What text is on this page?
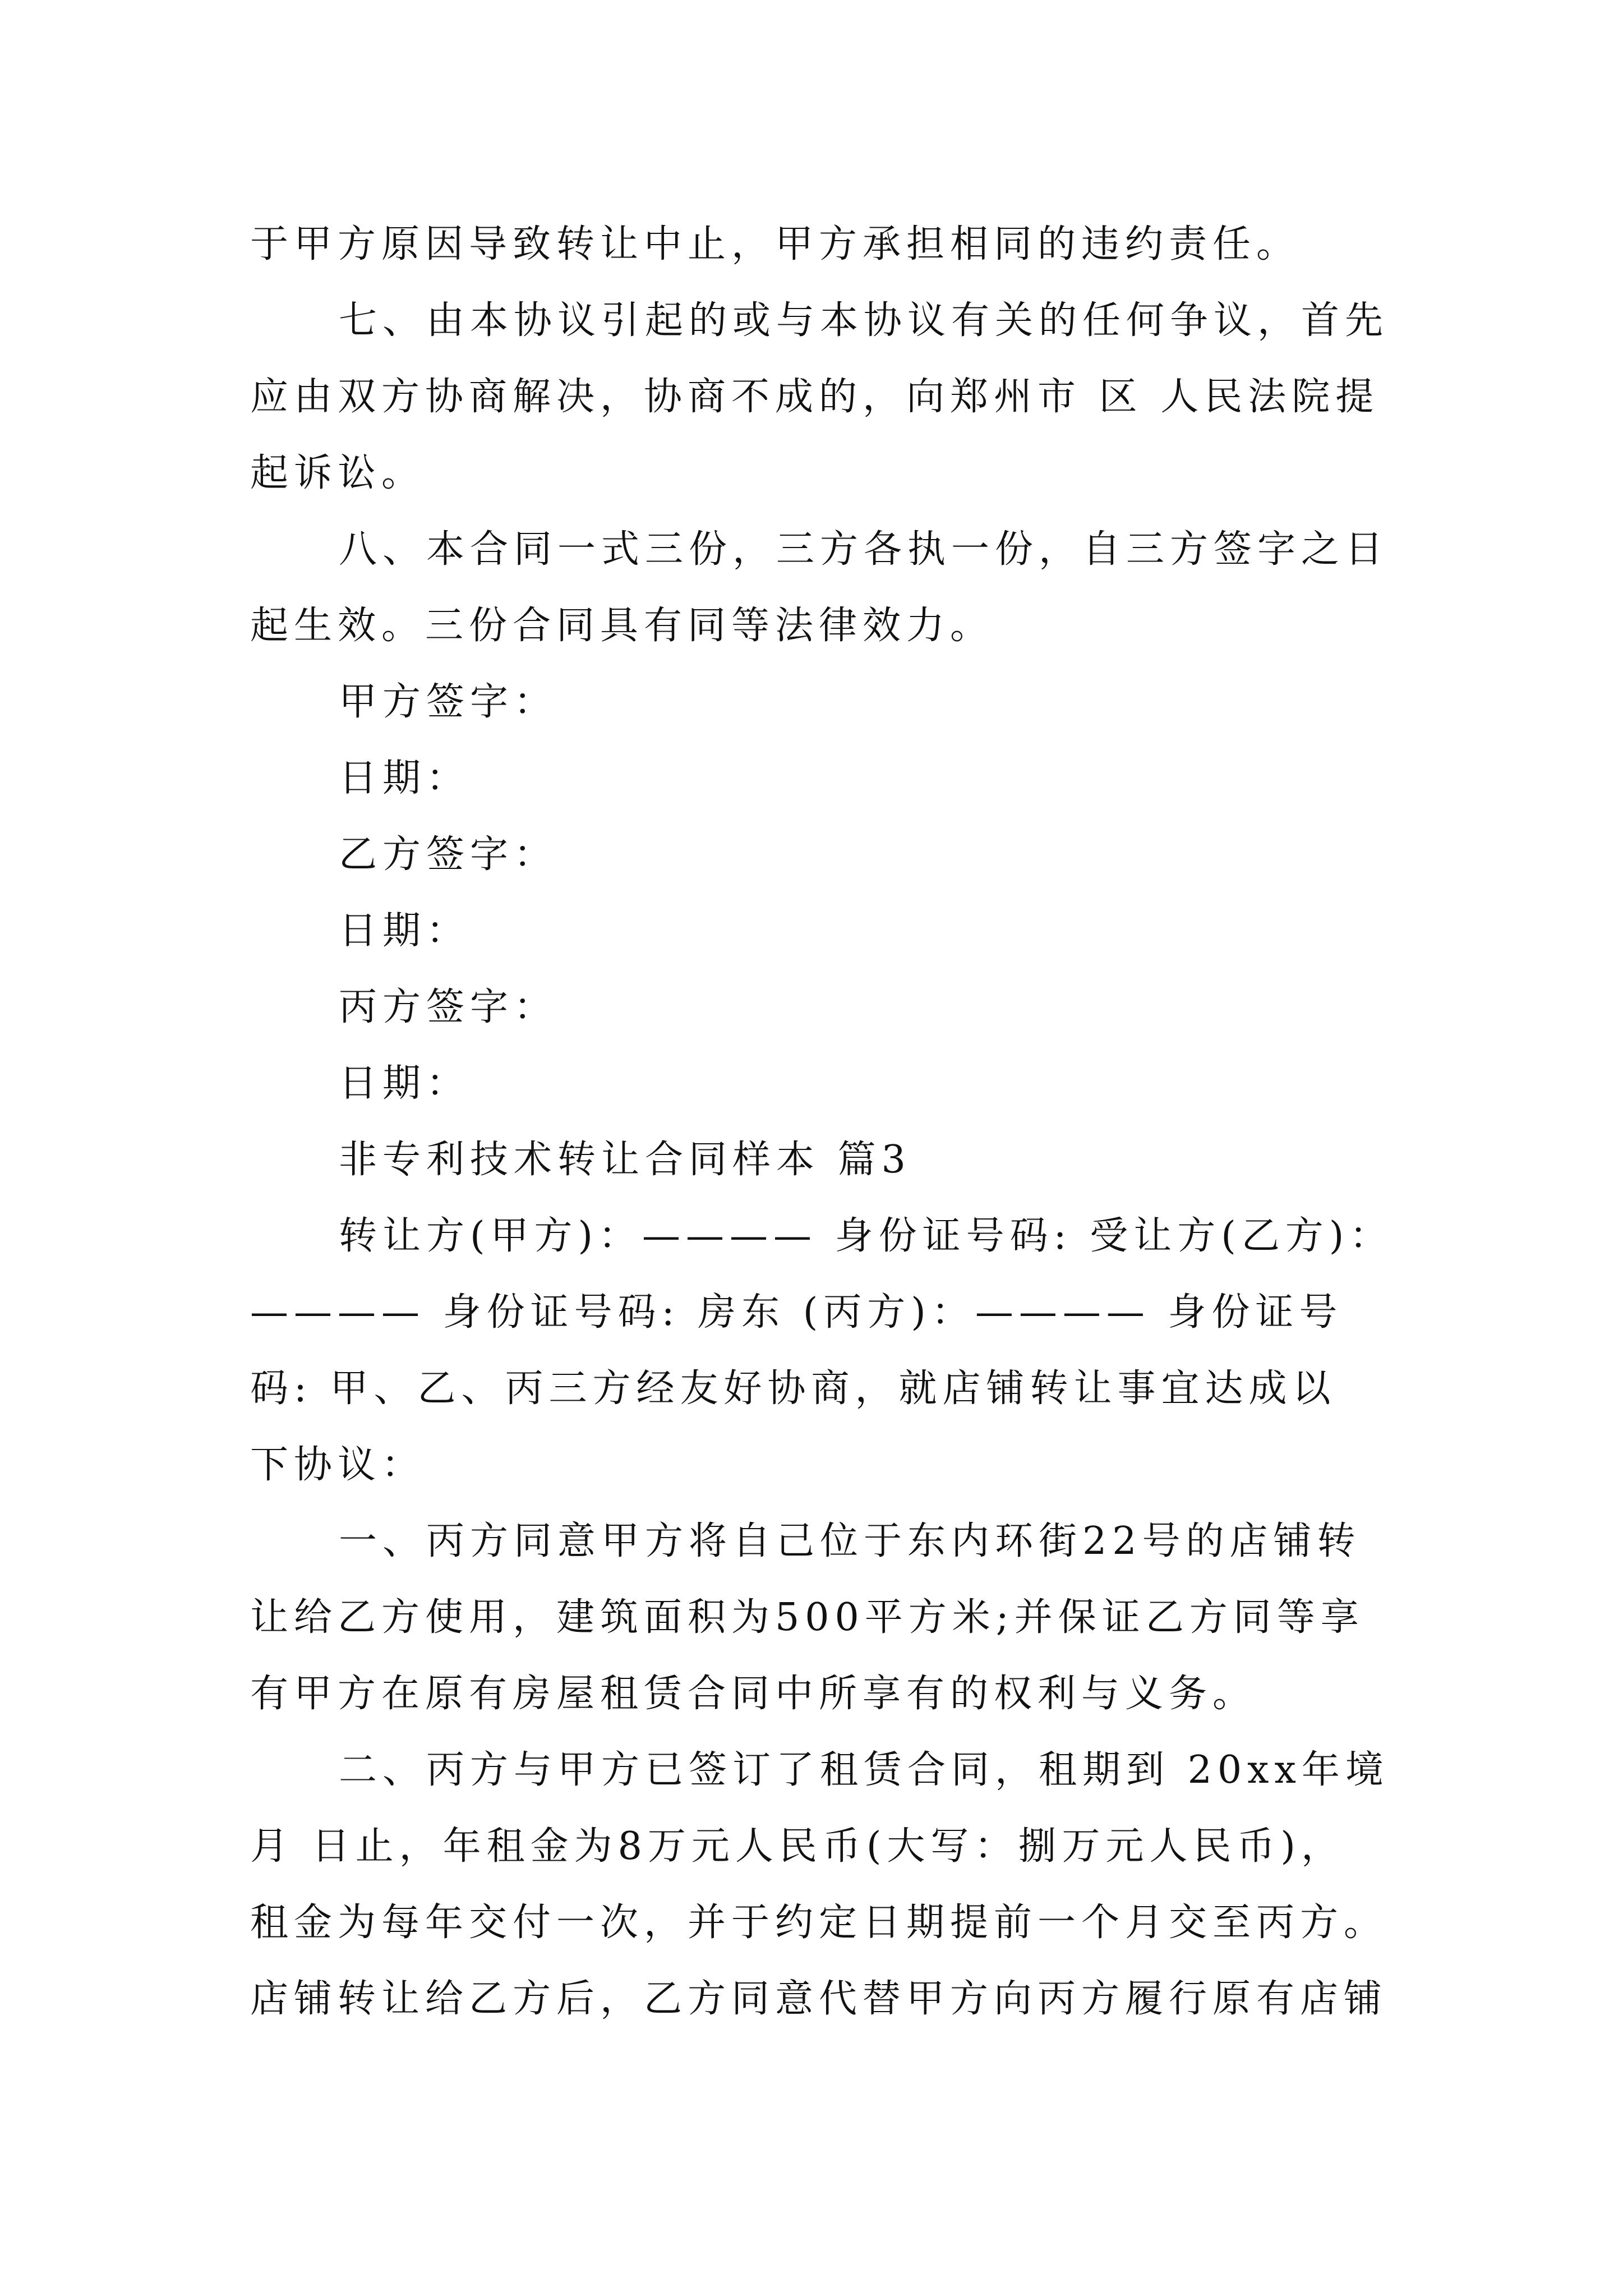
于甲方原因导致转让中止，甲方承担相同的违约责任。
七、由本协议引起的或与本协议有关的任何争议，首先
应由双方协商解决，协商不成的，向郑州市 区 人民法院提
起诉讼。
八、本合同一式三份，三方各执一份，自三方签字之日
起生效。三份合同具有同等法律效力。
甲方签字：
日期：
乙方签字：
日期：
丙方签字：
日期：
非专利技术转让合同样本 篇3
转让方(甲方)：———— 身份证号码: 受让方(乙方)：
———— 身份证号码: 房东 (丙方)：———— 身份证号
码: 甲、乙、丙三方经友好协商，就店铺转让事宜达成以
下协议：
一、丙方同意甲方将自己位于东内环街22号的店铺转
让给乙方使用，建筑面积为500平方米;并保证乙方同等享
有甲方在原有房屋租赁合同中所享有的权利与义务。
二、丙方与甲方已签订了租赁合同，租期到 20xx年境
月 日止，年租金为8万元人民币(大写：捌万元人民币)，
租金为每年交付一次，并于约定日期提前一个月交至丙方。
店铺转让给乙方后，乙方同意代替甲方向丙方履行原有店铺
